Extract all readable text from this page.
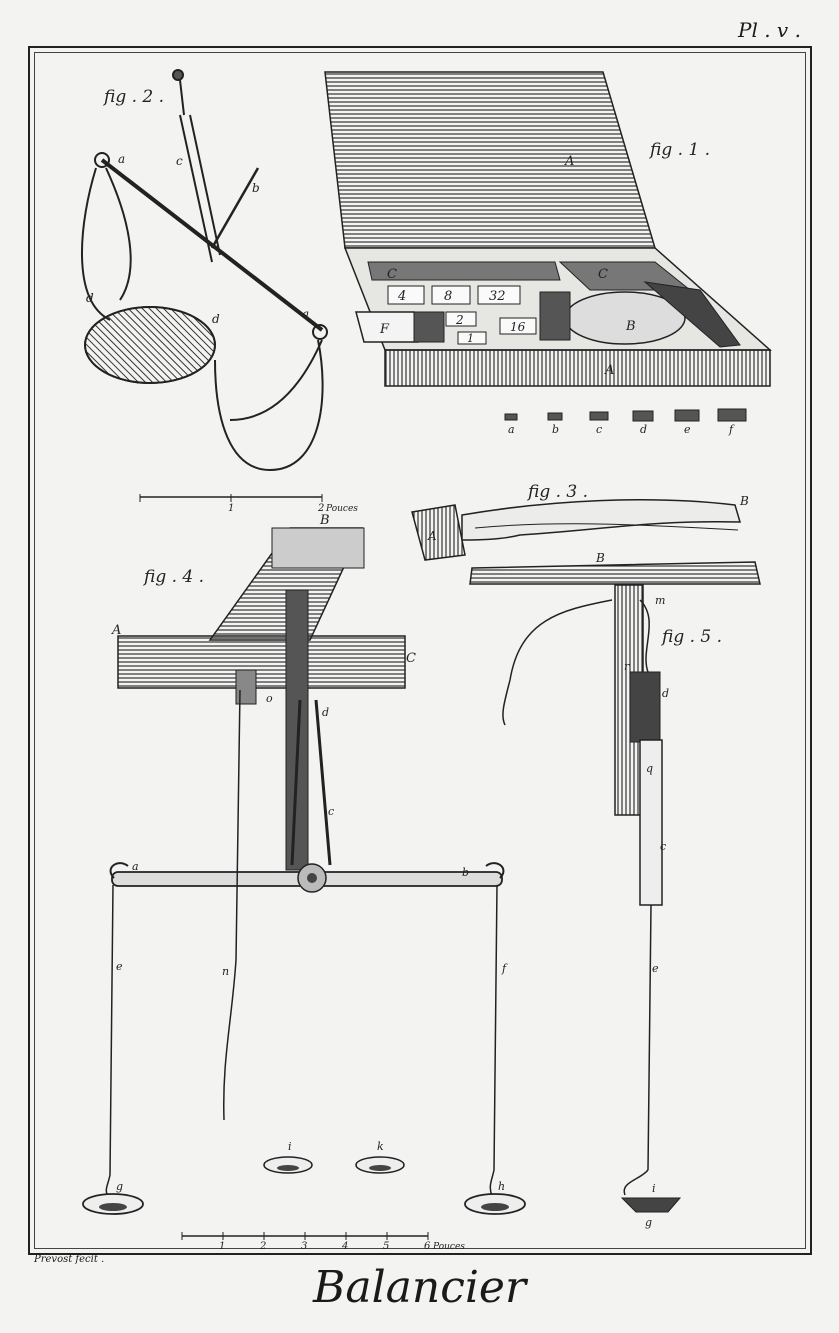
Pl . v .
fig . 1 .
A
C	C
B
F
A
4	8	32
2	16
1
a	b	c	d	e	f
fig . 2 .
a	c
b
a
d
d
1	2 Pouces
fig . 3 .
A
B
fig . 4 .
A
B
C
o
d
c
a	b
e	f
n
g	h
i	k
fig . 5 .
B
m
r
d
q
c
e
i
g
1	2	3	4	5	6 Pouces
Prevost fecit .
Balancier
